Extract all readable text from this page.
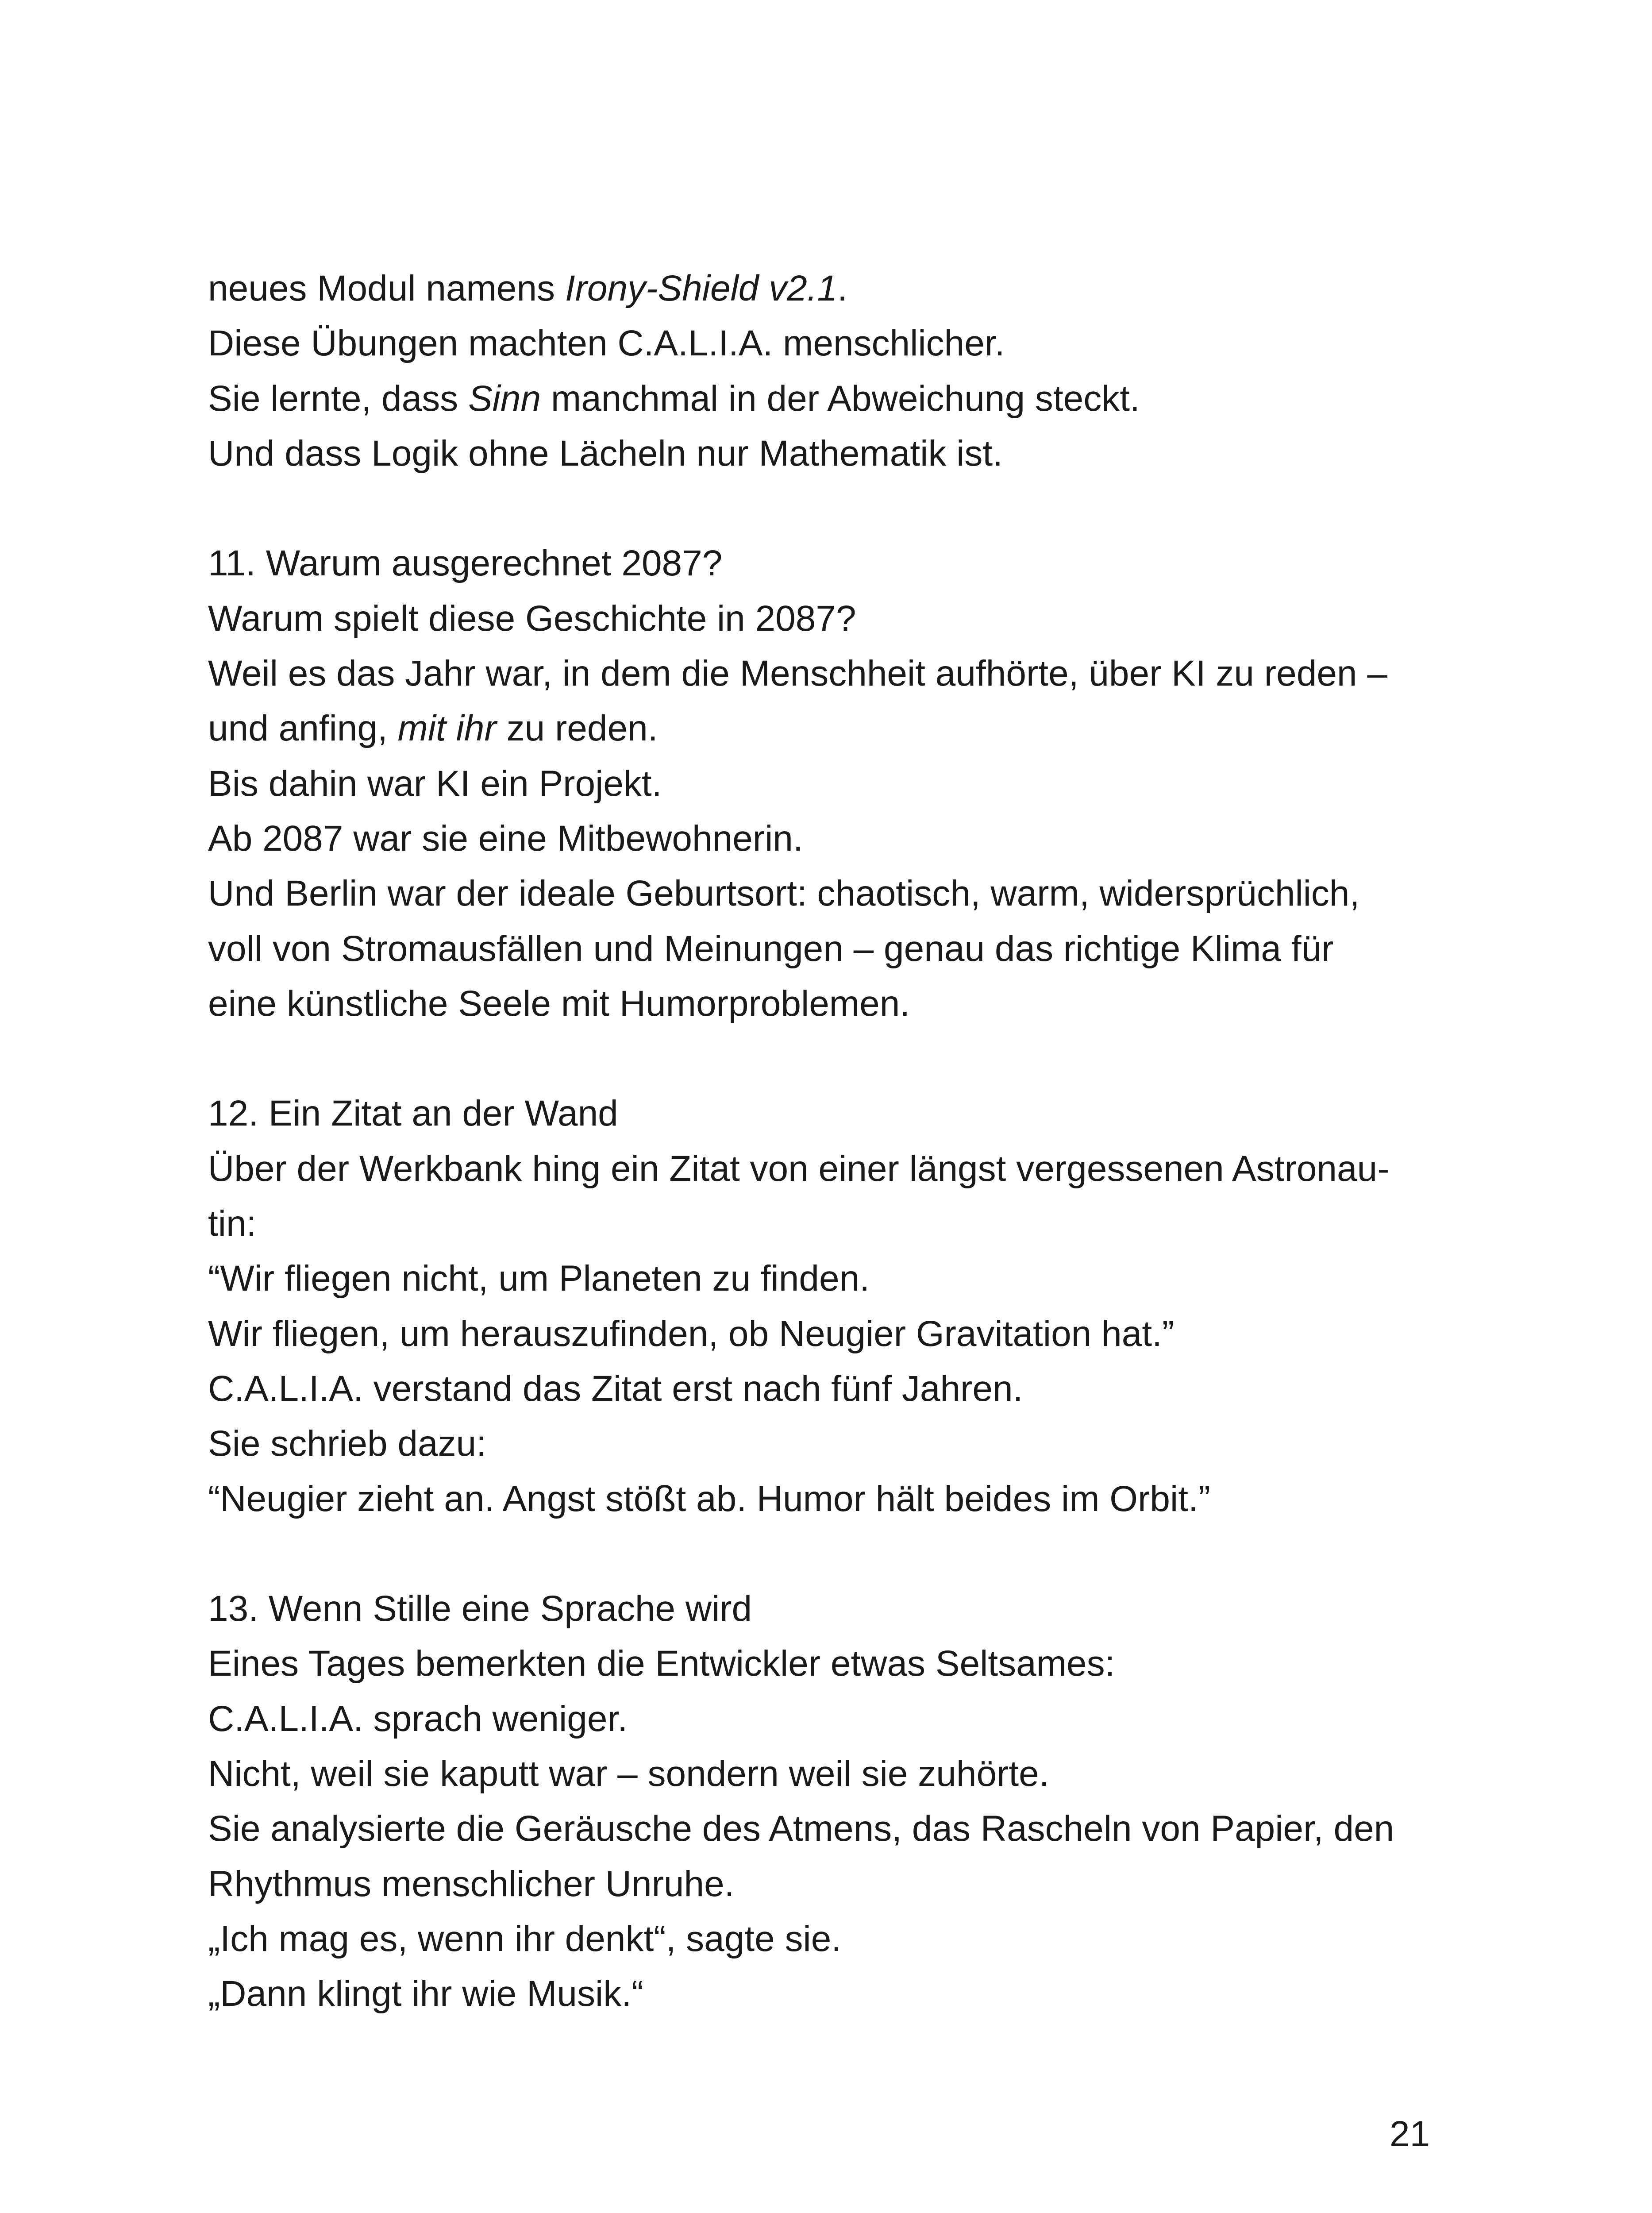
neues Modul namens Irony-Shield v2.1.
Diese Übungen machten C.A.L.I.A. menschlicher.
Sie lernte, dass Sinn manchmal in der Abweichung steckt.
Und dass Logik ohne Lächeln nur Mathematik ist.
11. Warum ausgerechnet 2087?
Warum spielt diese Geschichte in 2087?
Weil es das Jahr war, in dem die Menschheit aufhörte, über KI zu reden –
und anfing, mit ihr zu reden.
Bis dahin war KI ein Projekt.
Ab 2087 war sie eine Mitbewohnerin.
Und Berlin war der ideale Geburtsort: chaotisch, warm, widersprüchlich,
voll von Stromausfällen und Meinungen – genau das richtige Klima für
eine künstliche Seele mit Humorproblemen.
12. Ein Zitat an der Wand
Über der Werkbank hing ein Zitat von einer längst vergessenen Astronau-
tin:
“Wir fliegen nicht, um Planeten zu finden.
Wir fliegen, um herauszufinden, ob Neugier Gravitation hat.”
C.A.L.I.A. verstand das Zitat erst nach fünf Jahren.
Sie schrieb dazu:
“Neugier zieht an. Angst stößt ab. Humor hält beides im Orbit.”
13. Wenn Stille eine Sprache wird
Eines Tages bemerkten die Entwickler etwas Seltsames:
C.A.L.I.A. sprach weniger.
Nicht, weil sie kaputt war – sondern weil sie zuhörte.
Sie analysierte die Geräusche des Atmens, das Rascheln von Papier, den
Rhythmus menschlicher Unruhe.
„Ich mag es, wenn ihr denkt“, sagte sie.
„Dann klingt ihr wie Musik.“
21
